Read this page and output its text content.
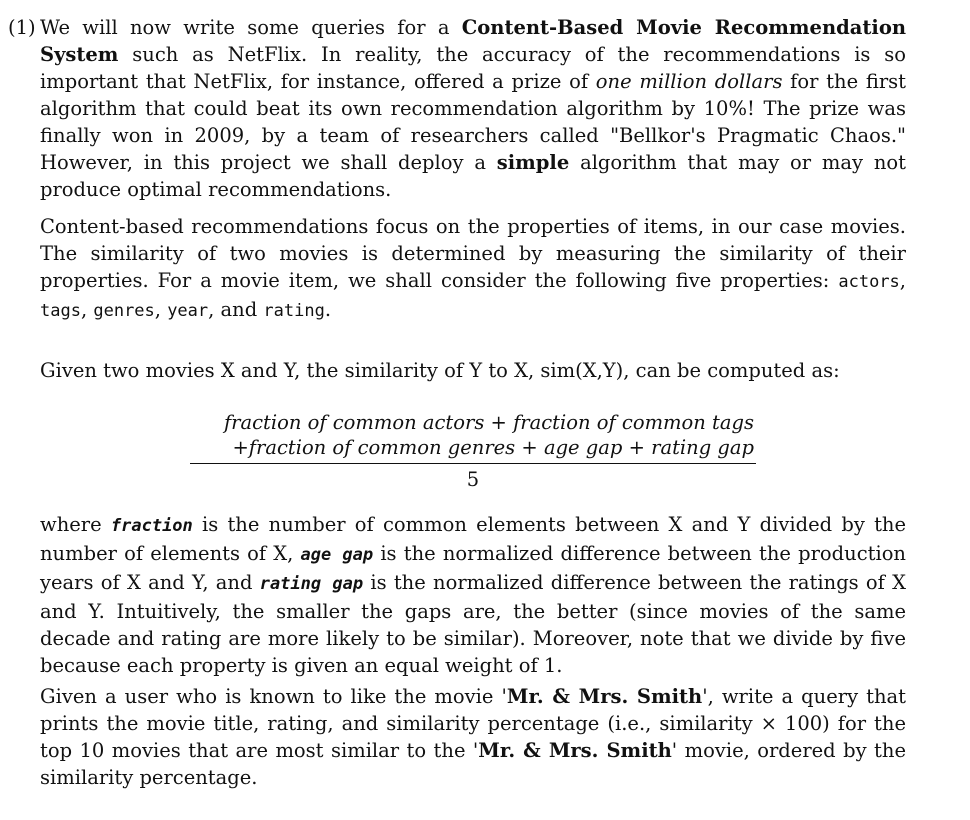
(1) We will now write some queries for a Content-Based Movie Recommendation System such as NetFlix. In reality, the accuracy of the recommendations is so important that NetFlix, for instance, offered a prize of one million dollars for the first algorithm that could beat its own recommendation algorithm by 10%! The prize was finally won in 2009, by a team of researchers called "Bellkor's Pragmatic Chaos." However, in this project we shall deploy a simple algorithm that may or may not produce optimal recommendations.

Content-based recommendations focus on the properties of items, in our case movies. The similarity of two movies is determined by measuring the similarity of their properties. For a movie item, we shall consider the following five properties: actors, tags, genres, year, and rating.

Given two movies X and Y, the similarity of Y to X, sim(X,Y), can be computed as:

fraction of common actors + fraction of common tags
+fraction of common genres + age gap + rating gap
5

where fraction is the number of common elements between X and Y divided by the number of elements of X, age gap is the normalized difference between the production years of X and Y, and rating gap is the normalized difference between the ratings of X and Y. Intuitively, the smaller the gaps are, the better (since movies of the same decade and rating are more likely to be similar). Moreover, note that we divide by five because each property is given an equal weight of 1.

Given a user who is known to like the movie 'Mr. & Mrs. Smith', write a query that prints the movie title, rating, and similarity percentage (i.e., similarity × 100) for the top 10 movies that are most similar to the 'Mr. & Mrs. Smith' movie, ordered by the similarity percentage.
